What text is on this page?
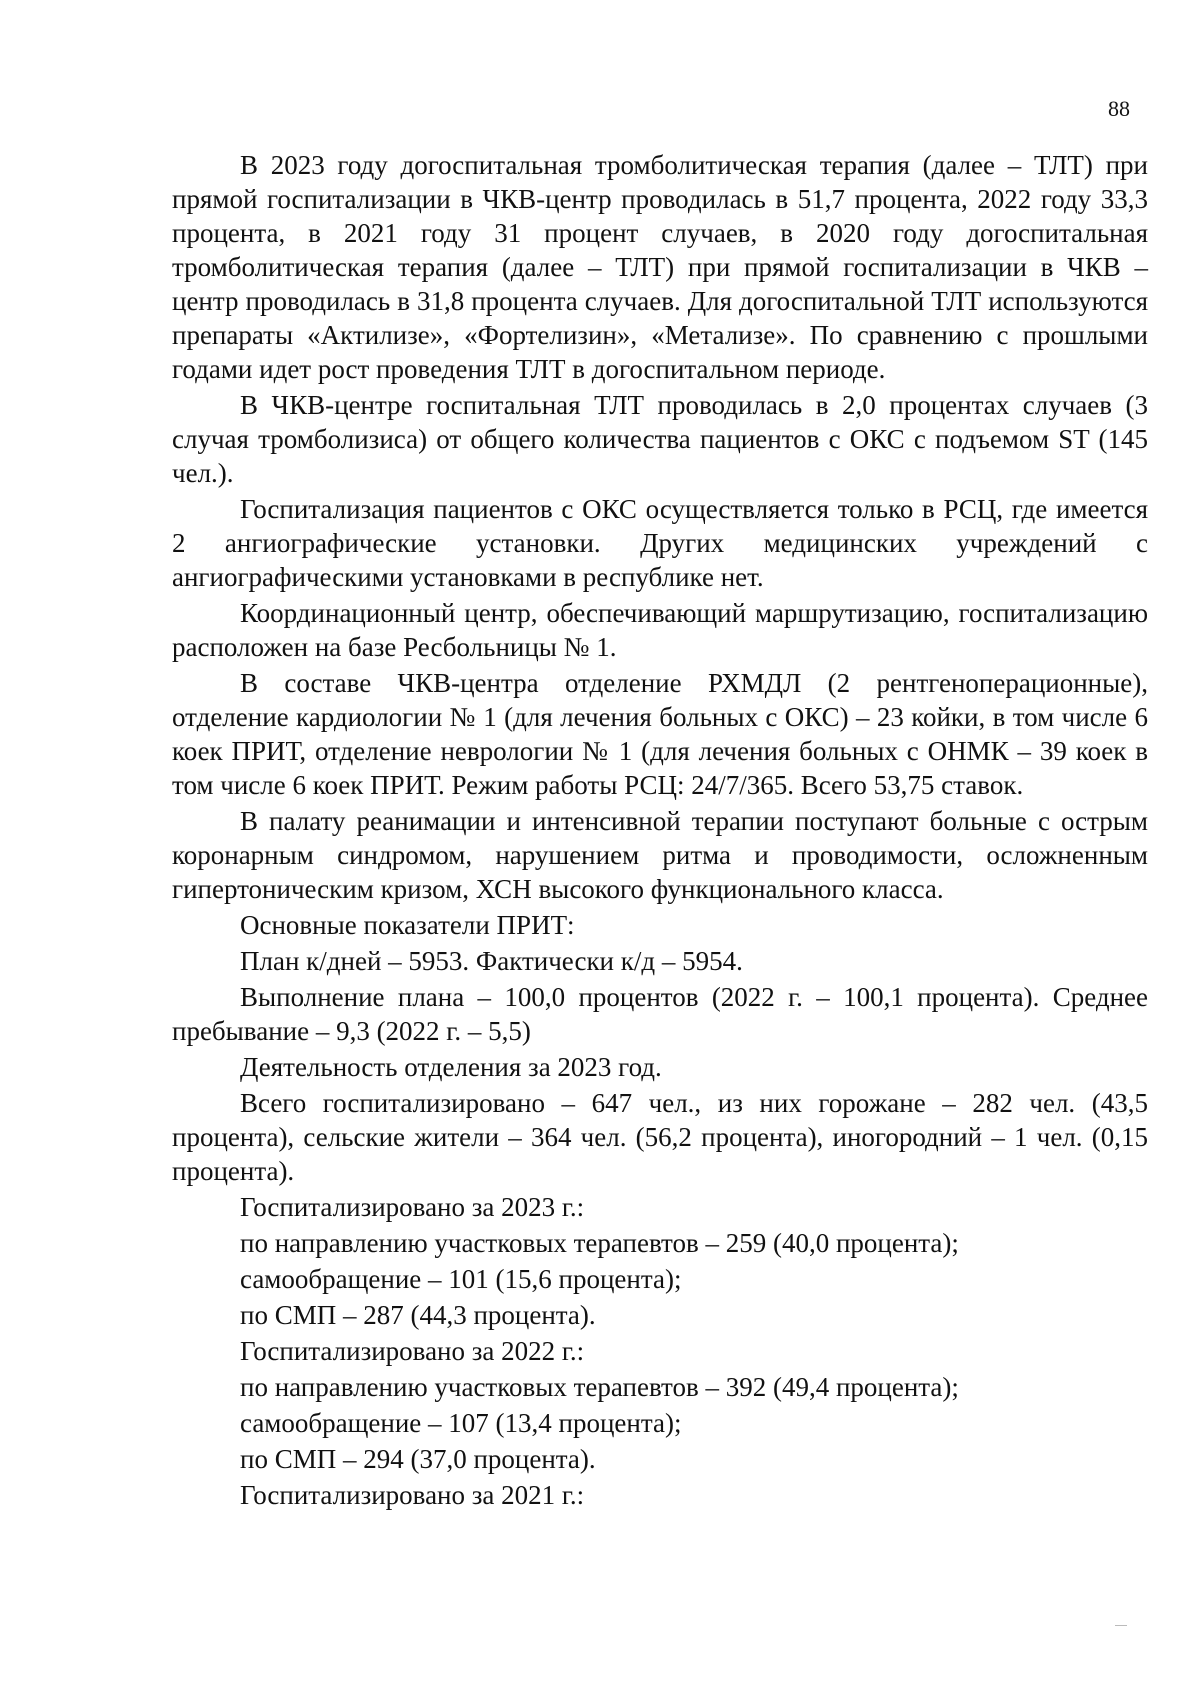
88

В 2023 году догоспитальная тромболитическая терапия (далее – ТЛТ) при прямой госпитализации в ЧКВ-центр проводилась в 51,7 процента, 2022 году 33,3 процента, в 2021 году 31 процент случаев, в 2020 году догоспитальная тромболитическая терапия (далее – ТЛТ) при прямой госпитализации в ЧКВ – центр проводилась в 31,8 процента случаев. Для догоспитальной ТЛТ используются препараты «Актилизе», «Фортелизин», «Метализе». По сравнению с прошлыми годами идет рост проведения ТЛТ в догоспитальном периоде.

В ЧКВ-центре госпитальная ТЛТ проводилась в 2,0 процентах случаев (3 случая тромболизиса) от общего количества пациентов с ОКС с подъемом ST (145 чел.).

Госпитализация пациентов с ОКС осуществляется только в РСЦ, где имеется 2 ангиографические установки. Других медицинских учреждений с ангиографическими установками в республике нет.

Координационный центр, обеспечивающий маршрутизацию, госпитализацию расположен на базе Ресбольницы № 1.

В составе ЧКВ-центра отделение РХМДЛ (2 рентгеноперационные), отделение кардиологии № 1 (для лечения больных с ОКС) – 23 койки, в том числе 6 коек ПРИТ, отделение неврологии № 1 (для лечения больных с ОНМК – 39 коек в том числе 6 коек ПРИТ. Режим работы РСЦ: 24/7/365. Всего 53,75 ставок.

В палату реанимации и интенсивной терапии поступают больные с острым коронарным синдромом, нарушением ритма и проводимости, осложненным гипертоническим кризом, ХСН высокого функционального класса.

Основные показатели ПРИТ:

План к/дней – 5953. Фактически к/д – 5954.

Выполнение плана – 100,0 процентов (2022 г. – 100,1 процента). Среднее пребывание – 9,3 (2022 г. – 5,5)

Деятельность отделения за 2023 год.

Всего госпитализировано – 647 чел., из них горожане – 282 чел. (43,5 процента), сельские жители – 364 чел. (56,2 процента), иногородний – 1 чел. (0,15 процента).

Госпитализировано за 2023 г.:

по направлению участковых терапевтов – 259 (40,0 процента);

самообращение – 101 (15,6 процента);

по СМП – 287 (44,3 процента).

Госпитализировано за 2022 г.:

по направлению участковых терапевтов – 392 (49,4 процента);

самообращение – 107 (13,4 процента);

по СМП – 294 (37,0 процента).

Госпитализировано за 2021 г.:
